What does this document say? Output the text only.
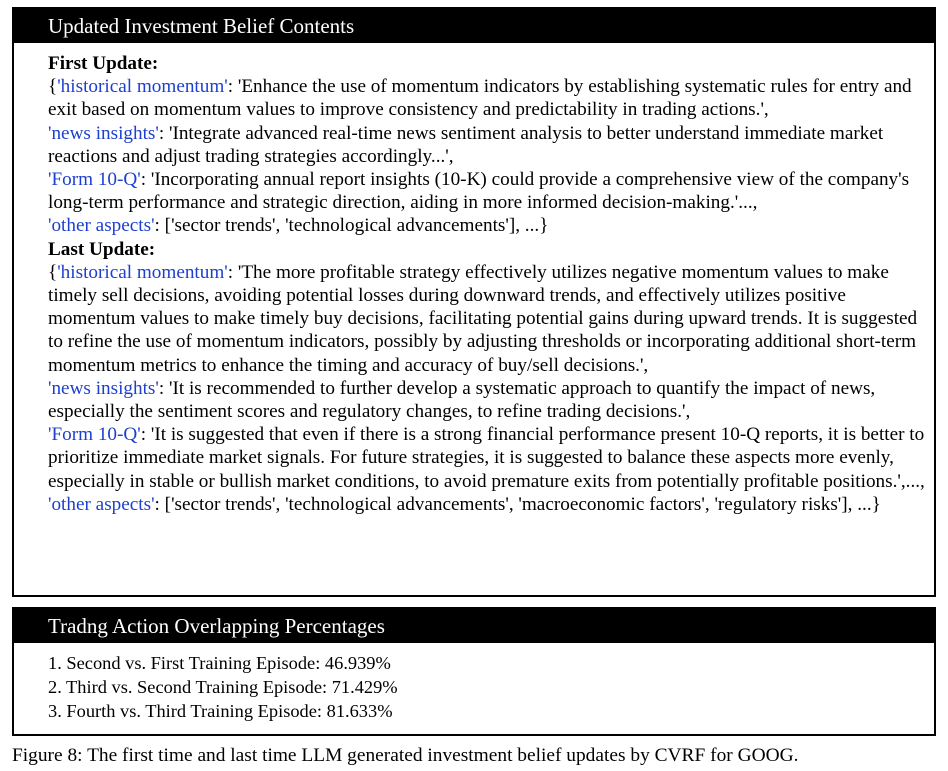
Updated Investment Belief Contents
First Update:

{'historical momentum': 'Enhance the use of momentum indicators by establishing systematic rules for entry and exit based on momentum values to improve consistency and predictability in trading actions.',

'news insights': 'Integrate advanced real-time news sentiment analysis to better understand immediate market reactions and adjust trading strategies accordingly...',

'Form 10-Q': 'Incorporating annual report insights (10-K) could provide a comprehensive view of the company's long-term performance and strategic direction, aiding in more informed decision-making.'...,

'other aspects': ['sector trends', 'technological advancements'], ...}

Last Update:

{'historical momentum': 'The more profitable strategy effectively utilizes negative momentum values to make timely sell decisions, avoiding potential losses during downward trends, and effectively utilizes positive momentum values to make timely buy decisions, facilitating potential gains during upward trends. It is suggested to refine the use of momentum indicators, possibly by adjusting thresholds or incorporating additional short-term momentum metrics to enhance the timing and accuracy of buy/sell decisions.',

'news insights': 'It is recommended to further develop a systematic approach to quantify the impact of news, especially the sentiment scores and regulatory changes, to refine trading decisions.',

'Form 10-Q': 'It is suggested that even if there is a strong financial performance present 10-Q reports, it is better to prioritize immediate market signals. For future strategies, it is suggested to balance these aspects more evenly, especially in stable or bullish market conditions, to avoid premature exits from potentially profitable positions.',...,

'other aspects': ['sector trends', 'technological advancements', 'macroeconomic factors', 'regulatory risks'], ...}

Tradng Action Overlapping Percentages
1. Second vs. First Training Episode: 46.939%
2. Third vs. Second Training Episode: 71.429%
3. Fourth vs. Third Training Episode: 81.633%
Figure 8: The first time and last time LLM generated investment belief updates by CVRF for GOOG.
